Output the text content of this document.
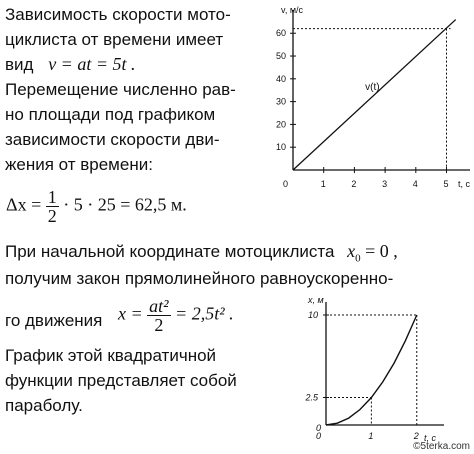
Зависимость скорости мото-
циклиста от времени имеет
вид v = at = 5t .
Перемещение численно рав-
но площади под графиком
зависимости скорости дви-
жения от времени:
$\Delta x = \frac{1}{2} \cdot 5 \cdot 25 = 62,5$ м.
При начальной координате мотоциклиста $x_0 = 0$ ,
получим закон прямолинейного равноускоренно-
го движения $x = \frac{\text{at²}}{2} = 2,5t^2$ .
График этой квадратичной
функции представляет собой
параболу.
0	1	2	3	4	5
10
20
30
40
50
60
v(t)
v, м/с
t, c
0	1	2
2.5
10
0
x, м
t, c
©5terka.com
